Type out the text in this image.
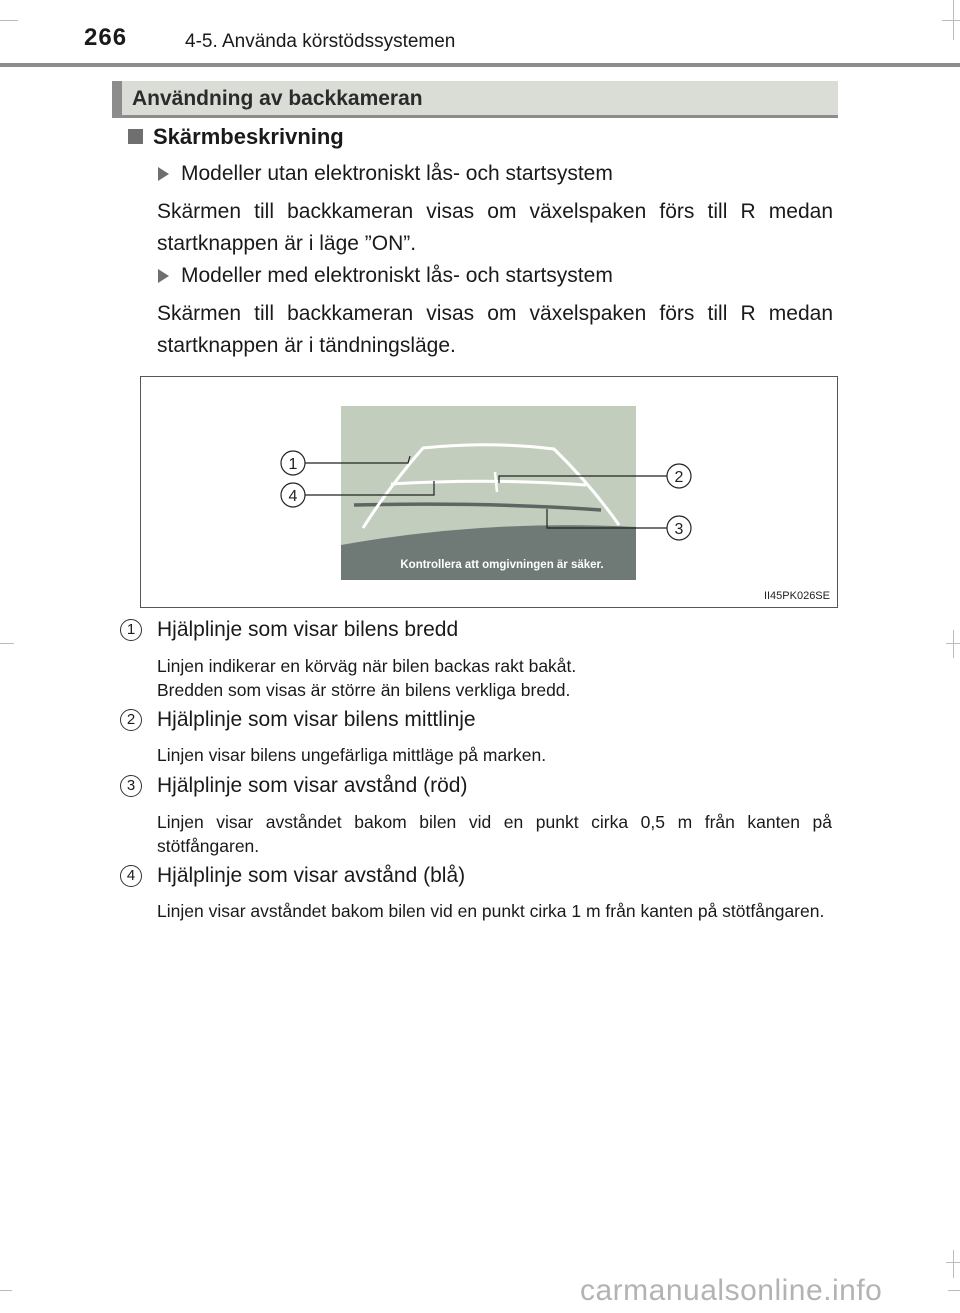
266	4-5. Använda körstödssystemen
Användning av backkameran
Skärmbeskrivning
Modeller utan elektroniskt lås- och startsystem
Skärmen till backkameran visas om växelspaken förs till R medan startknappen är i läge ”ON”.
Modeller med elektroniskt lås- och startsystem
Skärmen till backkameran visas om växelspaken förs till R medan startknappen är i tändningsläge.
Kontrollera att omgivningen är säker.
1
4
2
3
II45PK026SE
1	Hjälplinje som visar bilens bredd
Linjen indikerar en körväg när bilen backas rakt bakåt.
Bredden som visas är större än bilens verkliga bredd.
2	Hjälplinje som visar bilens mittlinje
Linjen visar bilens ungefärliga mittläge på marken.
3	Hjälplinje som visar avstånd (röd)
Linjen visar avståndet bakom bilen vid en punkt cirka 0,5 m från kanten på stötfångaren.
4	Hjälplinje som visar avstånd (blå)
Linjen visar avståndet bakom bilen vid en punkt cirka 1 m från kanten på stötfångaren.
carmanualsonline.info
